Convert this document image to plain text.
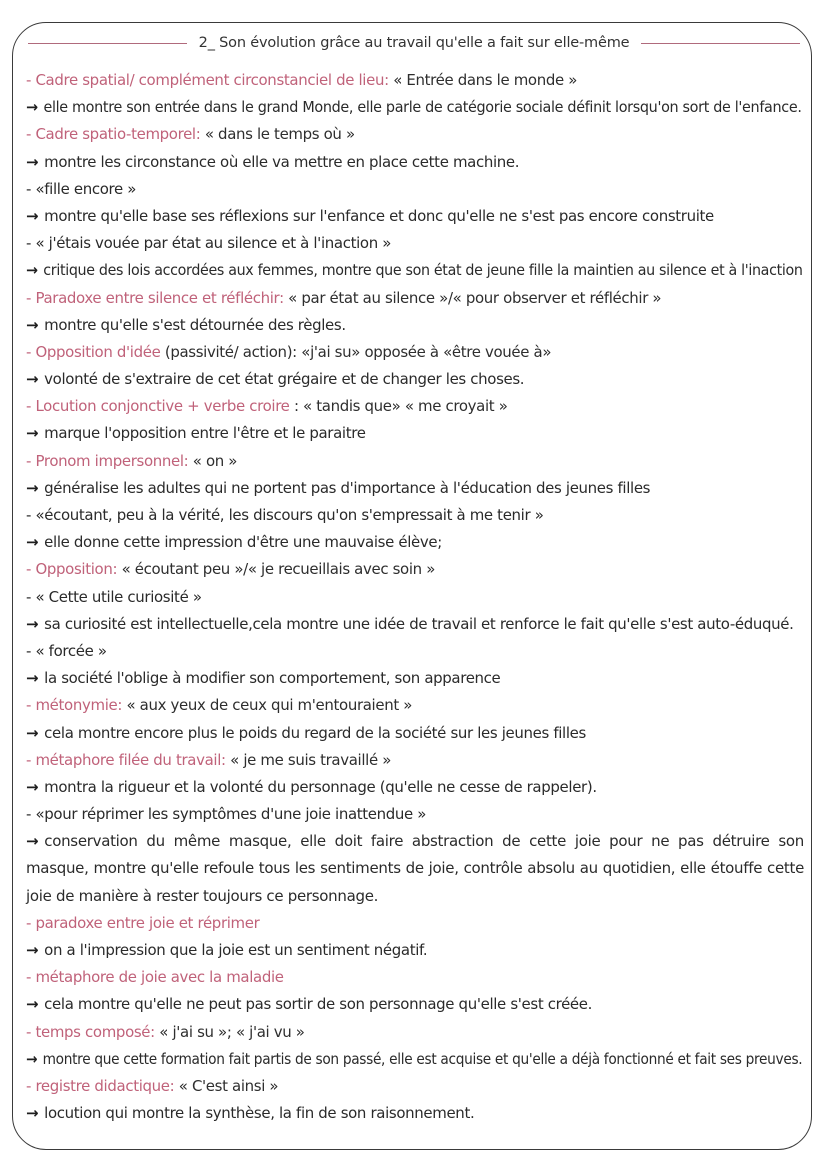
2_ Son évolution grâce au travail qu'elle a fait sur elle-même
- Cadre spatial/ complément circonstanciel de lieu: « Entrée dans le monde »
→ elle montre son entrée dans le grand Monde, elle parle de catégorie sociale définit lorsqu'on sort de l'enfance.
- Cadre spatio-temporel: « dans le temps où »
→ montre les circonstance où elle va mettre en place cette machine.
- «fille encore »
→ montre qu'elle base ses réflexions sur l'enfance et donc qu'elle ne s'est pas encore construite
- « j'étais vouée par état au silence et à l'inaction »
→ critique des lois accordées aux femmes, montre que son état de jeune fille la maintien au silence et à l'inaction
- Paradoxe entre silence et réfléchir: « par état au silence »/« pour observer et réfléchir »
→ montre qu'elle s'est détournée des règles.
- Opposition d'idée (passivité/ action): «j'ai su» opposée à «être vouée à»
→ volonté de s'extraire de cet état grégaire et de changer les choses.
- Locution conjonctive + verbe croire : « tandis que» « me croyait »
→ marque l'opposition entre l'être et le paraitre
- Pronom impersonnel: « on »
→ généralise les adultes qui ne portent pas d'importance à l'éducation des jeunes filles
- «écoutant, peu à la vérité, les discours qu'on s'empressait à me tenir »
→ elle donne cette impression d'être une mauvaise élève;
- Opposition: « écoutant peu »/« je recueillais avec soin »
- « Cette utile curiosité »
→ sa curiosité est intellectuelle,cela montre une idée de travail et renforce le fait qu'elle s'est auto-éduqué.
- « forcée »
→ la société l'oblige à modifier son comportement, son apparence
- métonymie: « aux yeux de ceux qui m'entouraient »
→ cela montre encore plus le poids du regard de la société sur les jeunes filles
- métaphore filée du travail: « je me suis travaillé »
→ montra la rigueur et la volonté du personnage (qu'elle ne cesse de rappeler).
- «pour réprimer les symptômes d'une joie inattendue »
→ conservation du même masque, elle doit faire abstraction de cette joie pour ne pas détruire son masque, montre qu'elle refoule tous les sentiments de joie, contrôle absolu au quotidien, elle étouffe cette joie de manière à rester toujours ce personnage.
- paradoxe entre joie et réprimer
→ on a l'impression que la joie est un sentiment négatif.
- métaphore de joie avec la maladie
→ cela montre qu'elle ne peut pas sortir de son personnage qu'elle s'est créée.
- temps composé: « j'ai su »; « j'ai vu »
→ montre que cette formation fait partis de son passé, elle est acquise et qu'elle a déjà fonctionné et fait ses preuves.
- registre didactique: « C'est ainsi »
→ locution qui montre la synthèse, la fin de son raisonnement.
